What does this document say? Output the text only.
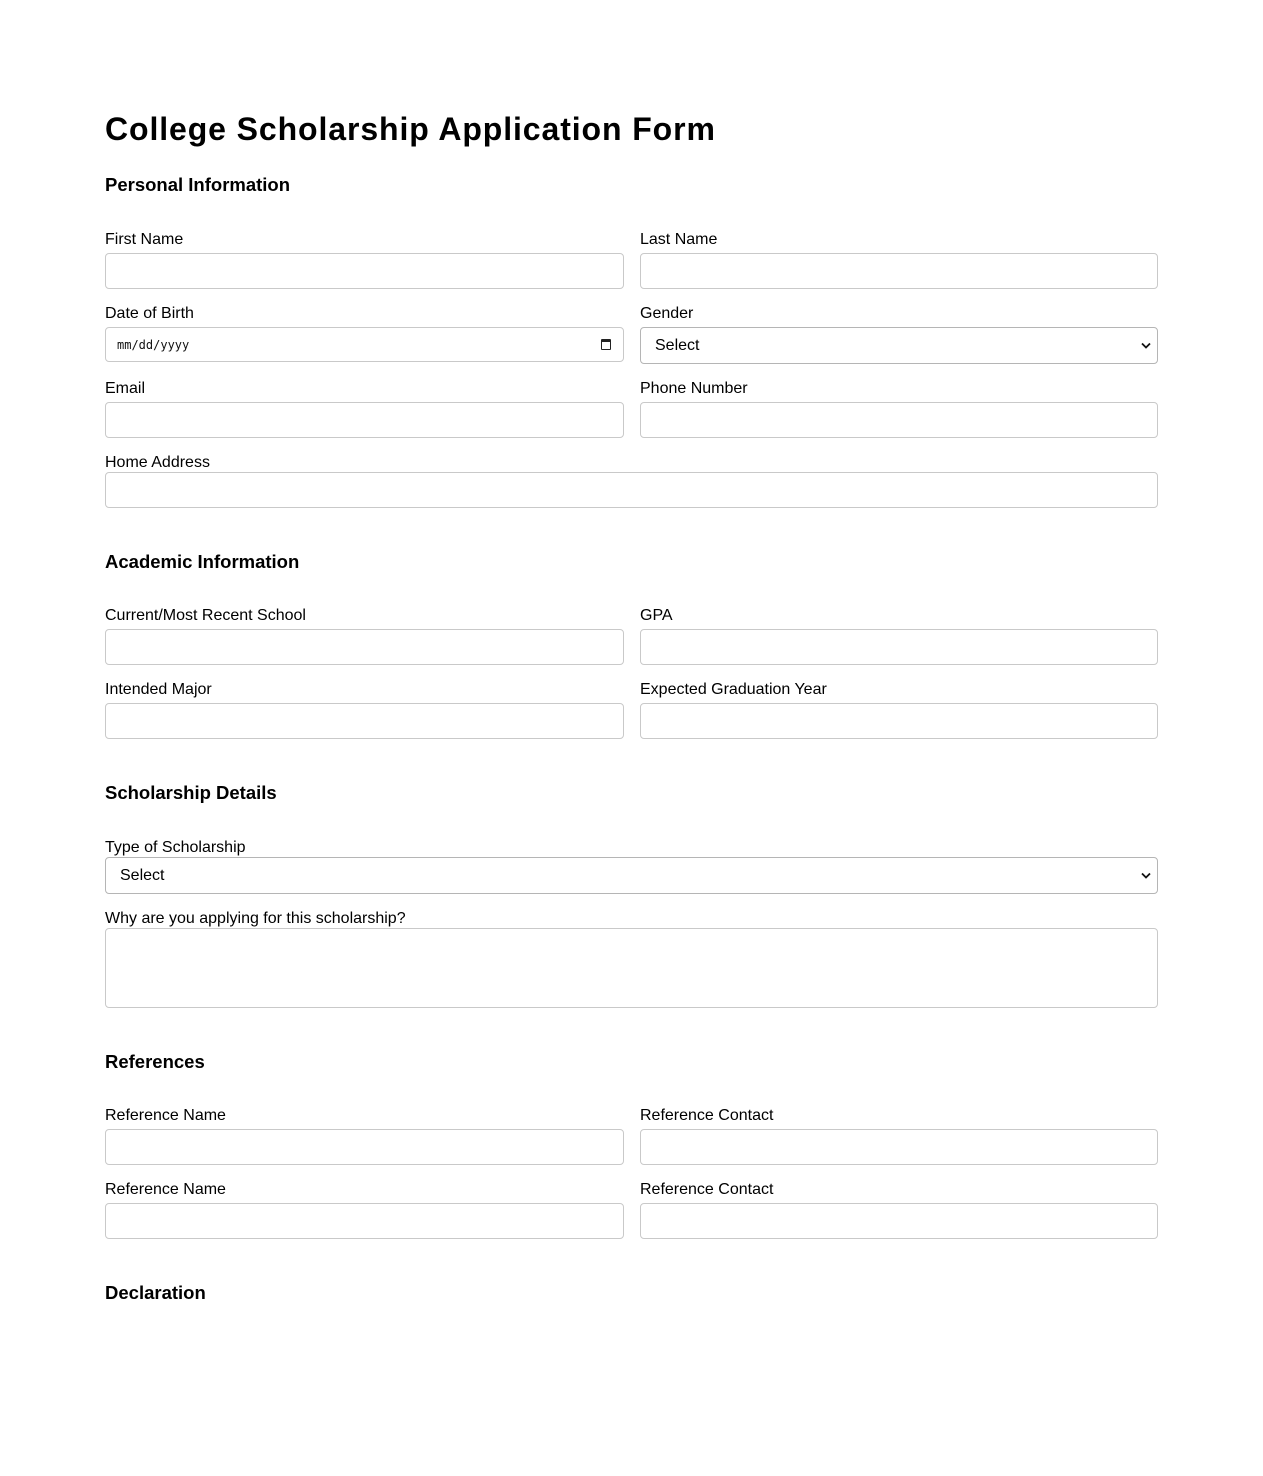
College Scholarship Application Form
Personal Information
First Name	Last Name
Date of Birth	Gender
mm/dd/yyyy	Select
Email	Phone Number
Home Address
Academic Information
Current/Most Recent School	GPA
Intended Major	Expected Graduation Year
Scholarship Details
Type of Scholarship
Select
Why are you applying for this scholarship?
References
Reference Name	Reference Contact
Reference Name	Reference Contact
Declaration
